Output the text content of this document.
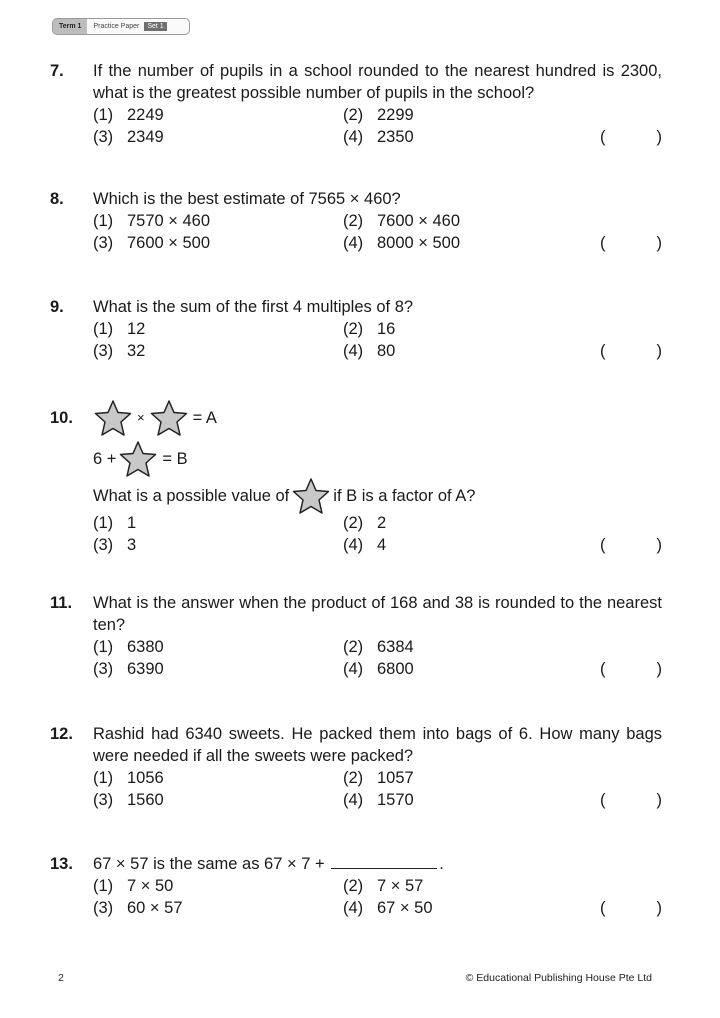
Term 1	Practice Paper	Set 1
7. If the number of pupils in a school rounded to the nearest hundred is 2300, what is the greatest possible number of pupils in the school?
(1) 2249	(2) 2299
(3) 2349	(4) 2350	(	)
8. Which is the best estimate of 7565 × 460?
(1) 7570 × 460	(2) 7600 × 460
(3) 7600 × 500	(4) 8000 × 500	(	)
9. What is the sum of the first 4 multiples of 8?
(1) 12	(2) 16
(3) 32	(4) 80	(	)
10.	×	= A
6 +	= B
What is a possible value of	if B is a factor of A?
(1) 1	(2) 2
(3) 3	(4) 4	(	)
11. What is the answer when the product of 168 and 38 is rounded to the nearest ten?
(1) 6380	(2) 6384
(3) 6390	(4) 6800	(	)
12. Rashid had 6340 sweets. He packed them into bags of 6. How many bags were needed if all the sweets were packed?
(1) 1056	(2) 1057
(3) 1560	(4) 1570	(	)
13. 67 × 57 is the same as 67 × 7 +	.
(1) 7 × 50	(2) 7 × 57
(3) 60 × 57	(4) 67 × 50	(	)
2	© Educational Publishing House Pte Ltd
